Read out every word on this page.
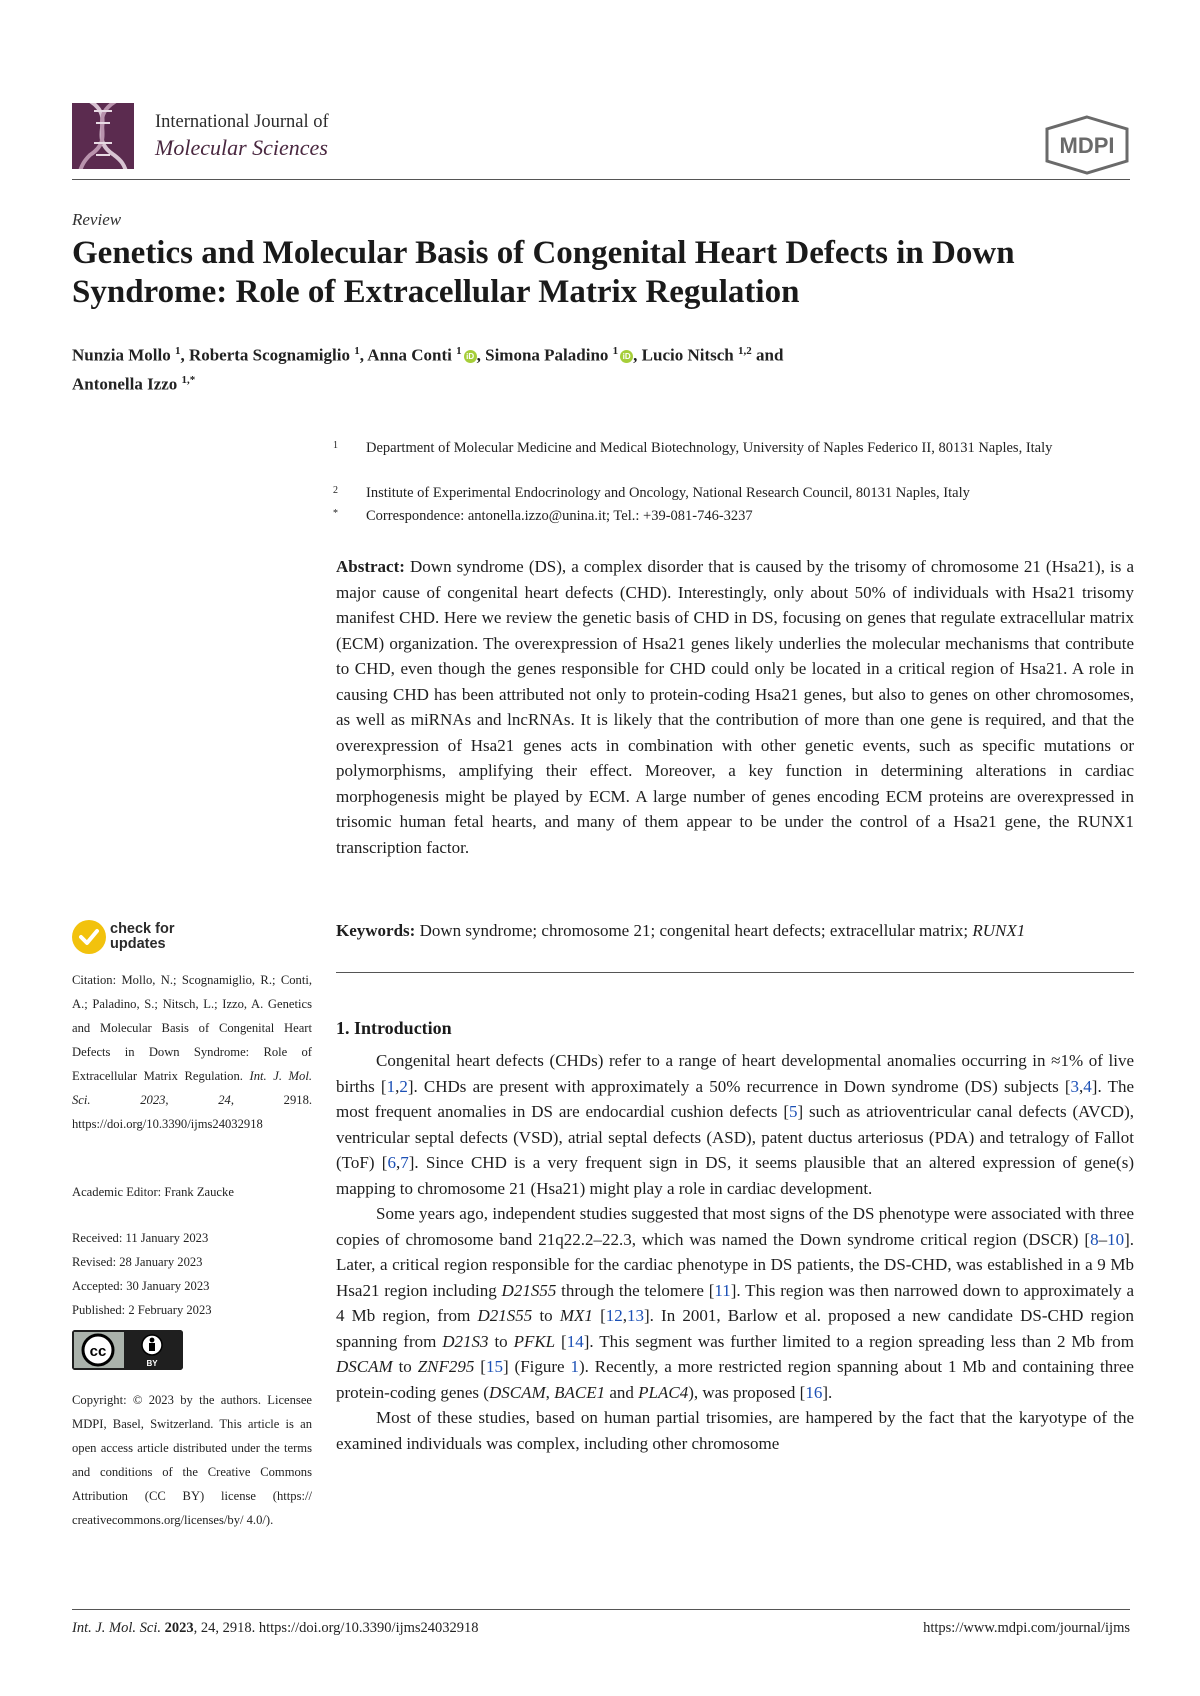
International Journal of
Molecular Sciences	MDPI
Review
Genetics and Molecular Basis of Congenital Heart Defects in Down Syndrome: Role of Extracellular Matrix Regulation
Nunzia Mollo $^1$, Roberta Scognamiglio $^1$, Anna Conti $^1$ iD , Simona Paladino $^1$ iD , Lucio Nitsch $^{1,2}$ and
Antonella Izzo $^{1,*}$
1	Department of Molecular Medicine and Medical Biotechnology, University of Naples Federico II, 80131 Naples, Italy
2	Institute of Experimental Endocrinology and Oncology, National Research Council, 80131 Naples, Italy
*	Correspondence: antonella.izzo@unina.it; Tel.: +39-081-746-3237
Abstract: Down syndrome (DS), a complex disorder that is caused by the trisomy of chromosome 21 (Hsa21), is a major cause of congenital heart defects (CHD). Interestingly, only about 50% of individuals with Hsa21 trisomy manifest CHD. Here we review the genetic basis of CHD in DS, focusing on genes that regulate extracellular matrix (ECM) organization. The overexpression of Hsa21 genes likely underlies the molecular mechanisms that contribute to CHD, even though the genes responsible for CHD could only be located in a critical region of Hsa21. A role in causing CHD has been attributed not only to protein-coding Hsa21 genes, but also to genes on other chromosomes, as well as miRNAs and lncRNAs. It is likely that the contribution of more than one gene is required, and that the overexpression of Hsa21 genes acts in combination with other genetic events, such as specific mutations or polymorphisms, amplifying their effect. Moreover, a key function in determining alterations in cardiac morphogenesis might be played by ECM. A large number of genes encoding ECM proteins are overexpressed in trisomic human fetal hearts, and many of them appear to be under the control of a Hsa21 gene, the RUNX1 transcription factor.
Keywords: Down syndrome; chromosome 21; congenital heart defects; extracellular matrix; RUNX1
1. Introduction

Congenital heart defects (CHDs) refer to a range of heart developmental anomalies occurring in ≈1% of live births [1,2]. CHDs are present with approximately a 50% recurrence in Down syndrome (DS) subjects [3,4]. The most frequent anomalies in DS are endocardial cushion defects [5] such as atrioventricular canal defects (AVCD), ventricular septal defects (VSD), atrial septal defects (ASD), patent ductus arteriosus (PDA) and tetralogy of Fallot (ToF) [6,7]. Since CHD is a very frequent sign in DS, it seems plausible that an altered expression of gene(s) mapping to chromosome 21 (Hsa21) might play a role in cardiac development.

Some years ago, independent studies suggested that most signs of the DS phenotype were associated with three copies of chromosome band 21q22.2–22.3, which was named the Down syndrome critical region (DSCR) [8–10]. Later, a critical region responsible for the cardiac phenotype in DS patients, the DS-CHD, was established in a 9 Mb Hsa21 region including D21S55 through the telomere [11]. This region was then narrowed down to approximately a 4 Mb region, from D21S55 to MX1 [12,13]. In 2001, Barlow et al. proposed a new candidate DS-CHD region spanning from D21S3 to PFKL [14]. This segment was further limited to a region spreading less than 2 Mb from DSCAM to ZNF295 [15] (Figure 1). Recently, a more restricted region spanning about 1 Mb and containing three protein-coding genes (DSCAM, BACE1 and PLAC4), was proposed [16].

Most of these studies, based on human partial trisomies, are hampered by the fact that the karyotype of the examined individuals was complex, including other chromosome

check for
updates
Citation: Mollo, N.; Scognamiglio, R.; Conti, A.; Paladino, S.; Nitsch, L.; Izzo, A. Genetics and Molecular Basis of Congenital Heart Defects in Down Syndrome: Role of Extracellular Matrix Regulation. Int. J. Mol. Sci.	2023, 24, 2918. https://doi.org/10.3390/ijms24032918
Academic Editor: Frank Zaucke
Received: 11 January 2023
Revised: 28 January 2023
Accepted: 30 January 2023
Published: 2 February 2023
cc
BY
Copyright: © 2023 by the authors. Licensee MDPI, Basel, Switzerland. This article is an open access article distributed under the terms and conditions of the Creative Commons Attribution (CC BY) license (https:// creativecommons.org/licenses/by/ 4.0/).
Int. J. Mol. Sci. 2023, 24, 2918. https://doi.org/10.3390/ijms24032918	https://www.mdpi.com/journal/ijms
